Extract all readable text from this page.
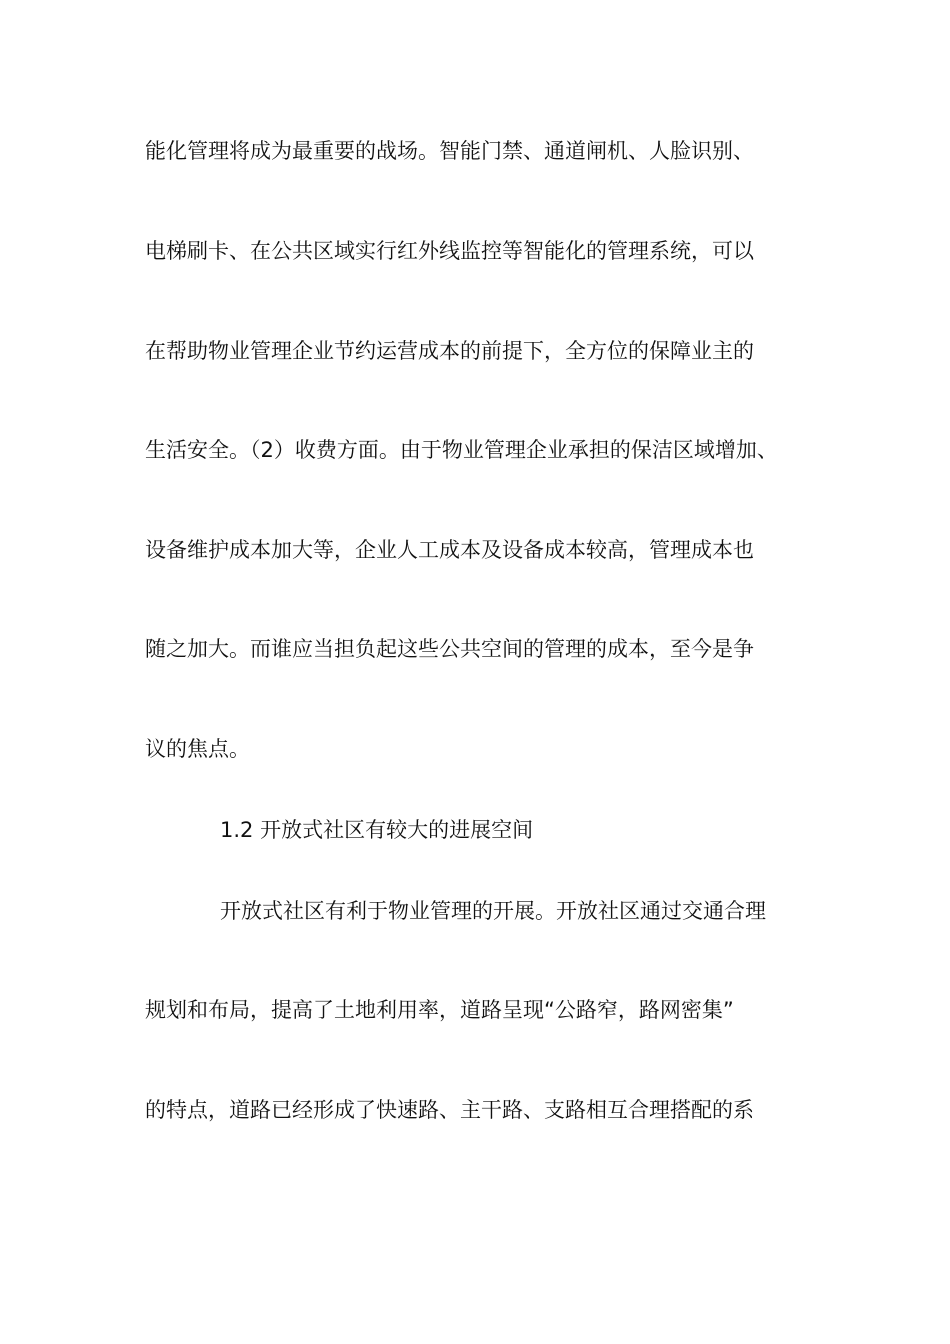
能化管理将成为最重要的战场。智能门禁、通道闸机、人脸识别、
电梯刷卡、在公共区域实行红外线监控等智能化的管理系统，可以
在帮助物业管理企业节约运营成本的前提下，全方位的保障业主的
生活安全。（2）收费方面。由于物业管理企业承担的保洁区域增加、
设备维护成本加大等，企业人工成本及设备成本较高，管理成本也
随之加大。而谁应当担负起这些公共空间的管理的成本，至今是争
议的焦点。
1.2 开放式社区有较大的进展空间
开放式社区有利于物业管理的开展。开放社区通过交通合理
规划和布局，提高了土地利用率，道路呈现“公路窄，路网密集”
的特点，道路已经形成了快速路、主干路、支路相互合理搭配的系
